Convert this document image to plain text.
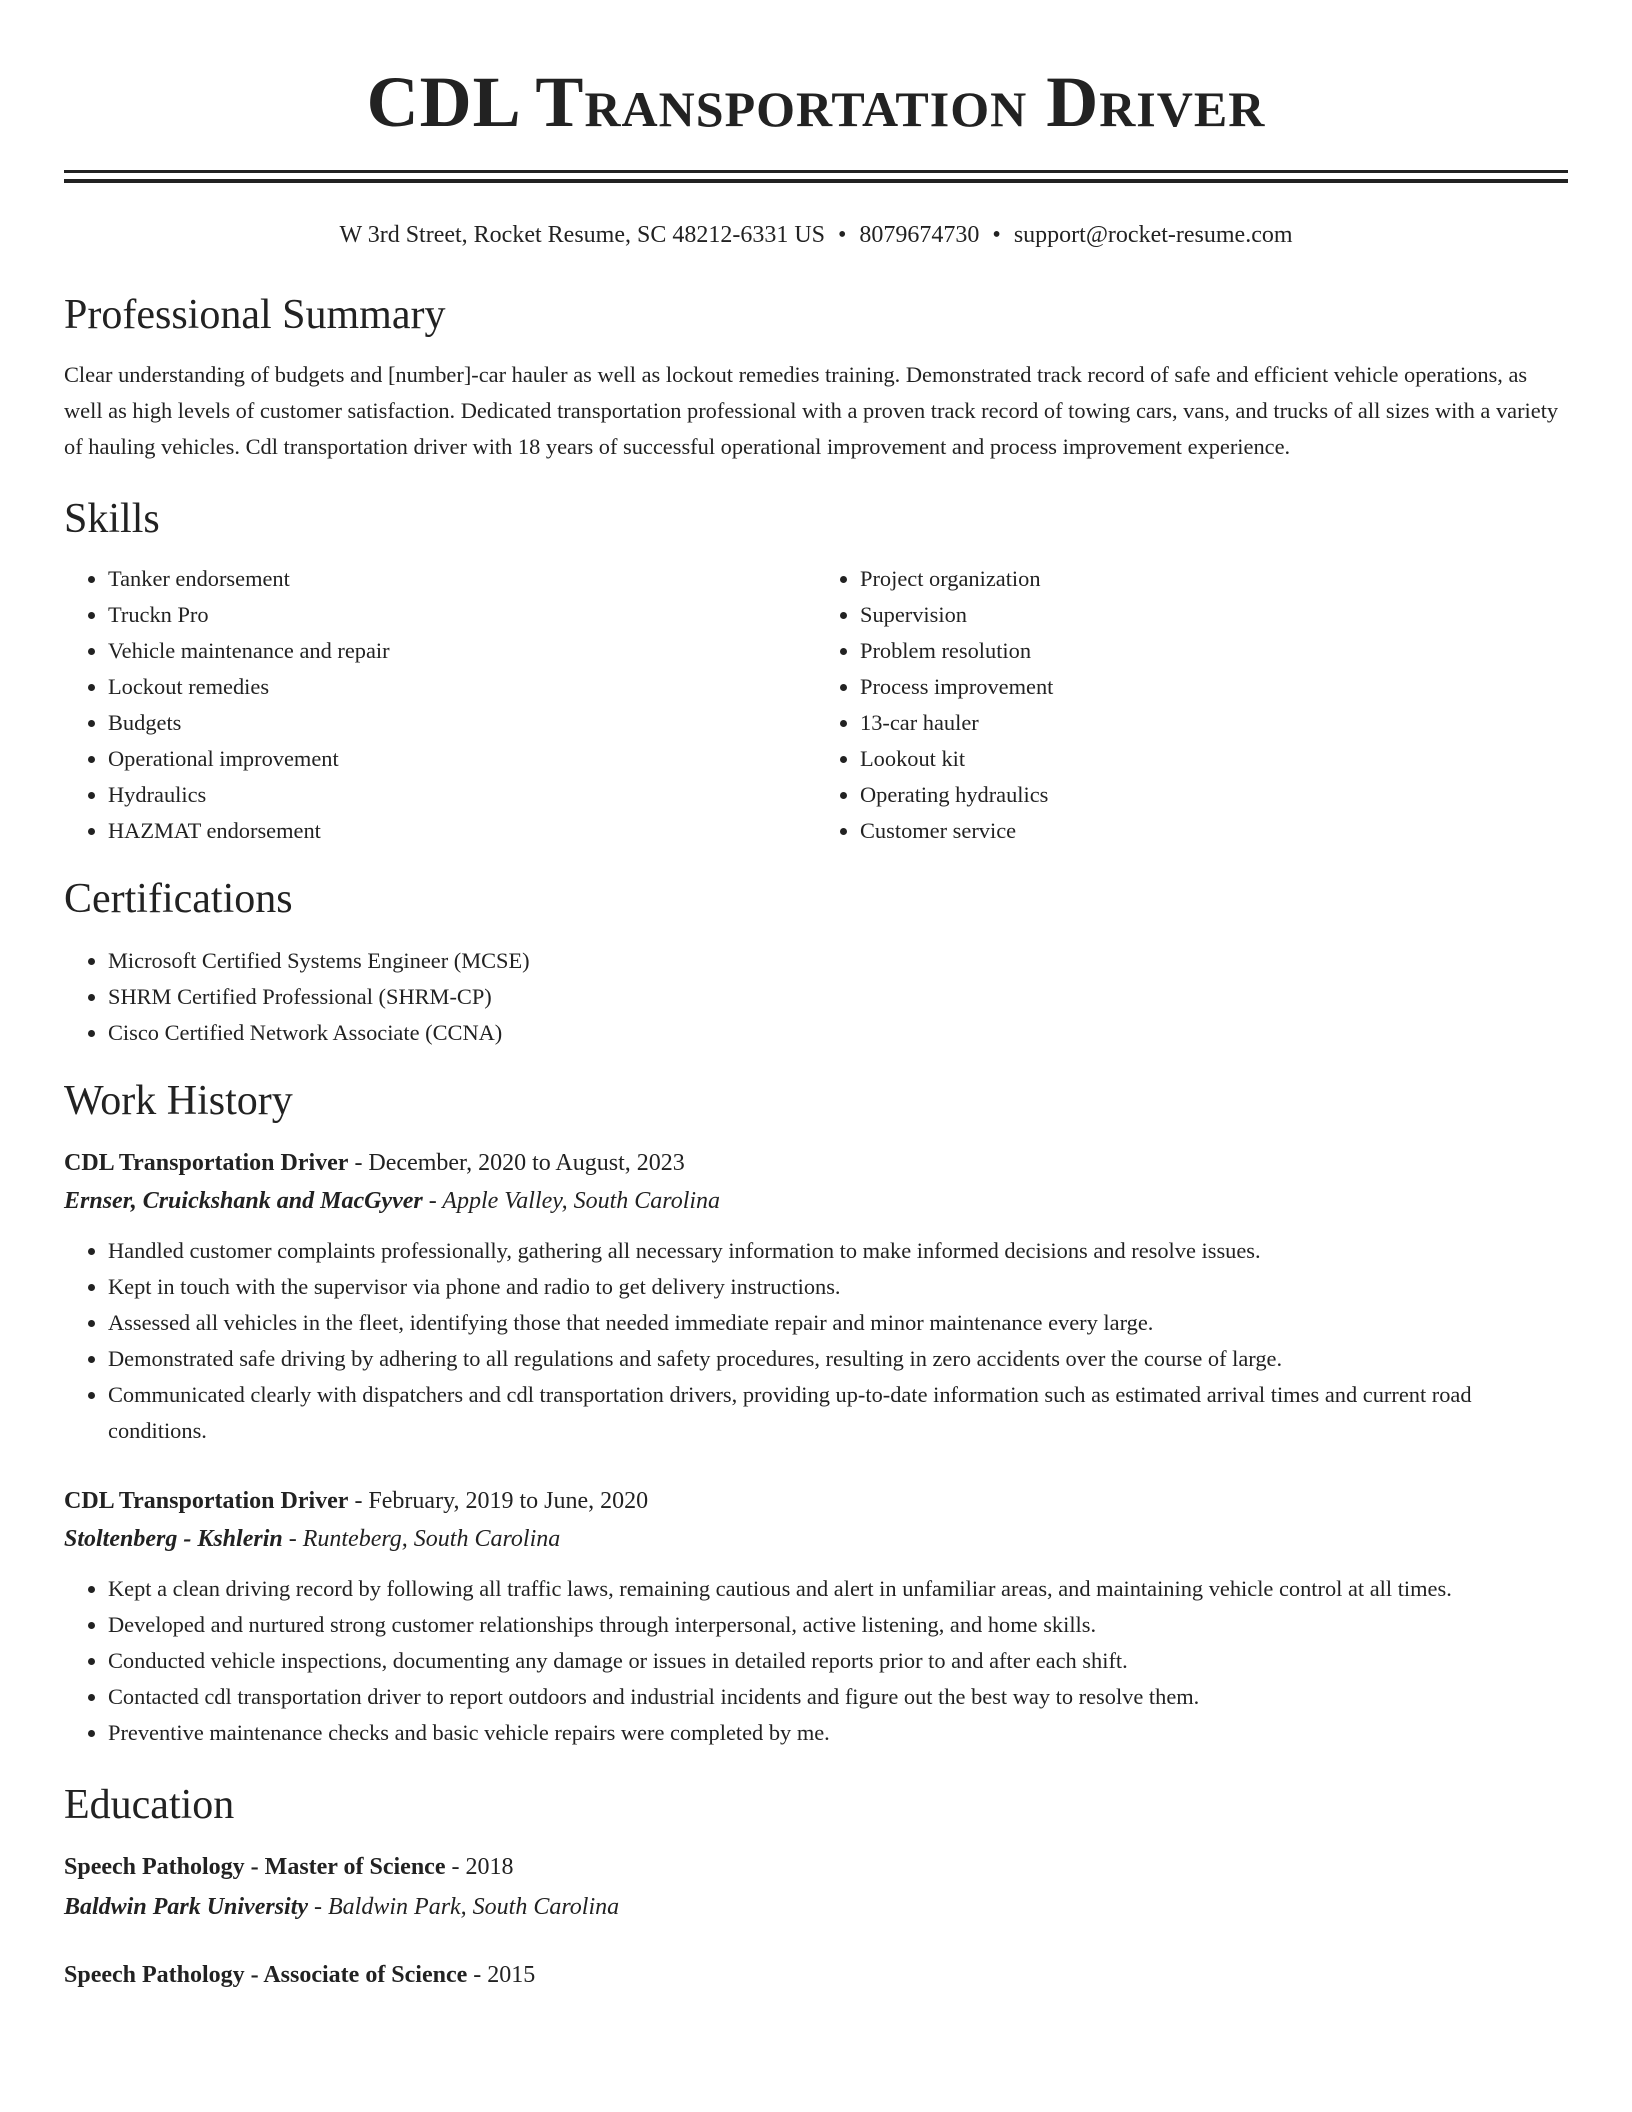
CDL Transportation Driver
W 3rd Street, Rocket Resume, SC 48212-6331 US • 8079674730 • support@rocket-resume.com
Professional Summary

Clear understanding of budgets and [number]-car hauler as well as lockout remedies training. Demonstrated track record of safe and efficient vehicle operations, as well as high levels of customer satisfaction. Dedicated transportation professional with a proven track record of towing cars, vans, and trucks of all sizes with a variety of hauling vehicles. Cdl transportation driver with 18 years of successful operational improvement and process improvement experience.

Skills
• Tanker endorsement
• Truckn Pro
• Vehicle maintenance and repair
• Lockout remedies
• Budgets
• Operational improvement
• Hydraulics
• HAZMAT endorsement
• Project organization
• Supervision
• Problem resolution
• Process improvement
• 13-car hauler
• Lookout kit
• Operating hydraulics
• Customer service
Certifications
• Microsoft Certified Systems Engineer (MCSE)
• SHRM Certified Professional (SHRM-CP)
• Cisco Certified Network Associate (CCNA)
Work History
CDL Transportation Driver - December, 2020 to August, 2023
Ernser, Cruickshank and MacGyver - Apple Valley, South Carolina
• Handled customer complaints professionally, gathering all necessary information to make informed decisions and resolve issues.
• Kept in touch with the supervisor via phone and radio to get delivery instructions.
• Assessed all vehicles in the fleet, identifying those that needed immediate repair and minor maintenance every large.
• Demonstrated safe driving by adhering to all regulations and safety procedures, resulting in zero accidents over the course of large.
• Communicated clearly with dispatchers and cdl transportation drivers, providing up-to-date information such as estimated arrival times and current road conditions.
CDL Transportation Driver - February, 2019 to June, 2020
Stoltenberg - Kshlerin - Runteberg, South Carolina
• Kept a clean driving record by following all traffic laws, remaining cautious and alert in unfamiliar areas, and maintaining vehicle control at all times.
• Developed and nurtured strong customer relationships through interpersonal, active listening, and home skills.
• Conducted vehicle inspections, documenting any damage or issues in detailed reports prior to and after each shift.
• Contacted cdl transportation driver to report outdoors and industrial incidents and figure out the best way to resolve them.
• Preventive maintenance checks and basic vehicle repairs were completed by me.
Education
Speech Pathology - Master of Science - 2018
Baldwin Park University - Baldwin Park, South Carolina
Speech Pathology - Associate of Science - 2015
